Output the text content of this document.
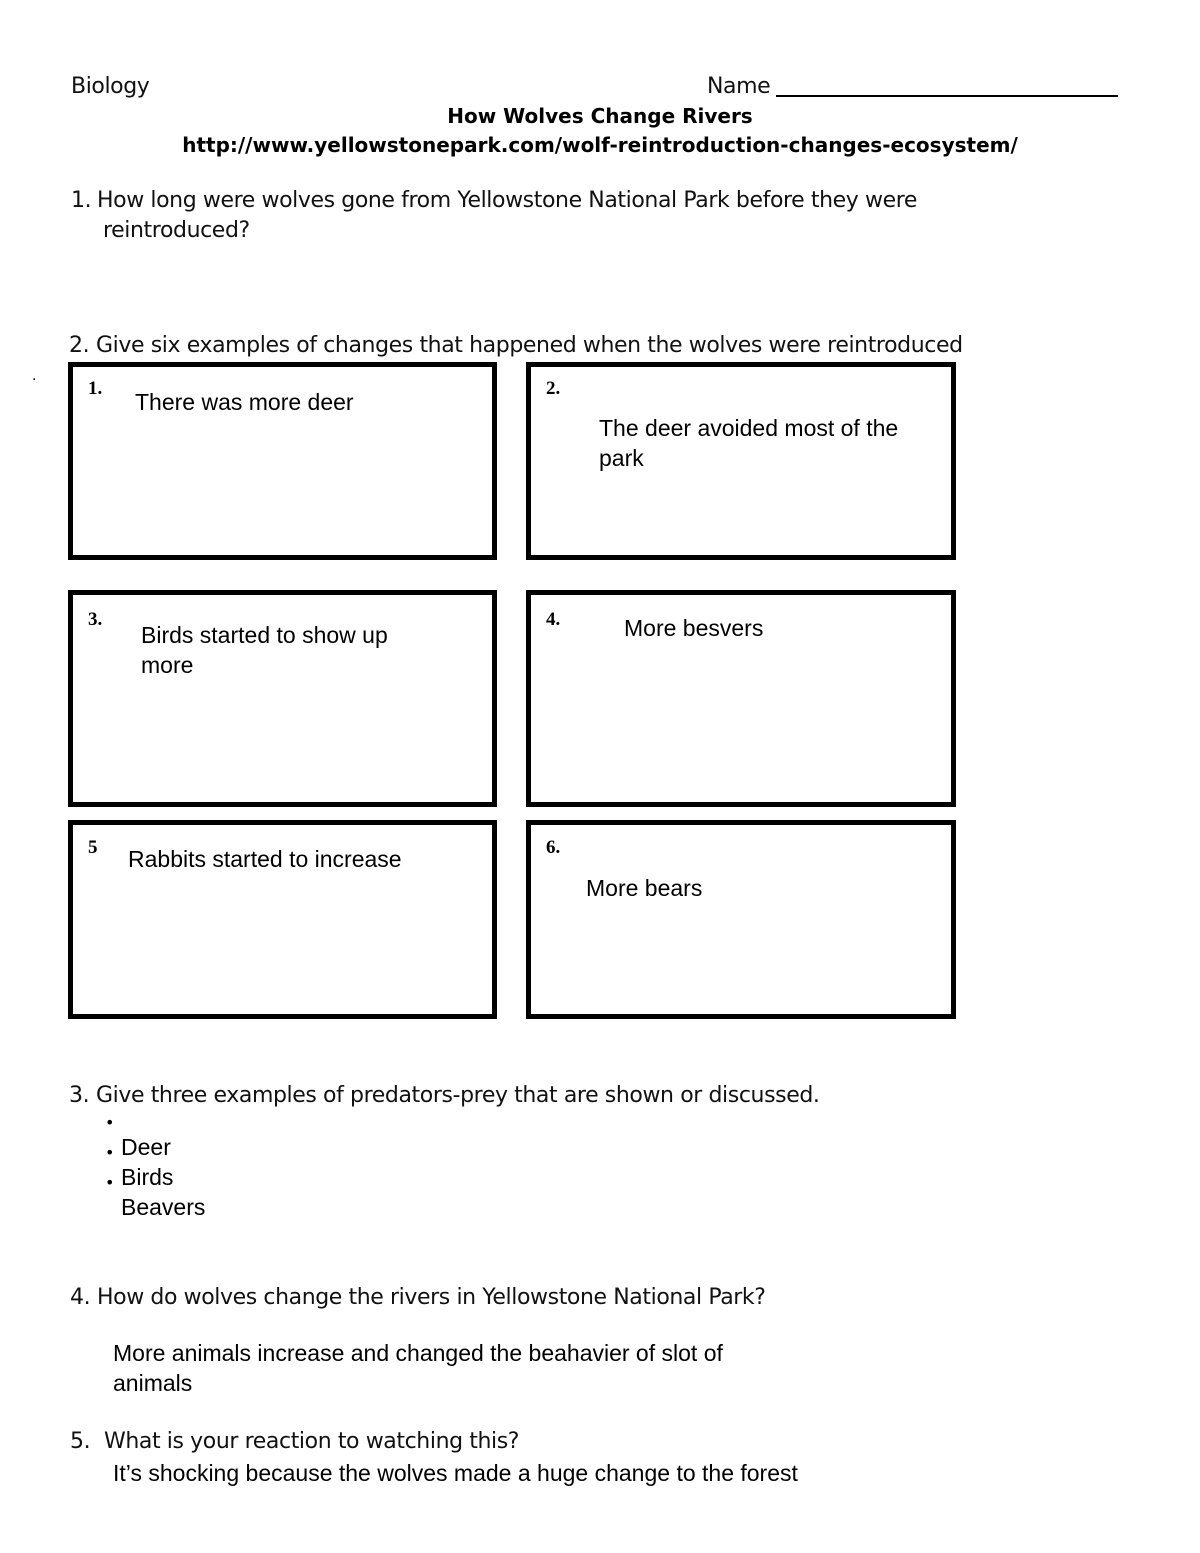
Biology	Name
How Wolves Change Rivers
http://www.yellowstonepark.com/wolf-reintroduction-changes-ecosystem/
1. How long were wolves gone from Yellowstone National Park before they were
reintroduced?
2. Give six examples of changes that happened when the wolves were reintroduced
.
1.
There was more deer
2.
The deer avoided most of the park
3.
Birds started to show up more
4.	More besvers
5 Rabbits started to increase	6.
More bears
3. Give three examples of predators-prey that are shown or discussed.
•
•
•
Deer
Birds
Beavers
4. How do wolves change the rivers in Yellowstone National Park?
More animals increase and changed the beahavier of slot of
animals
5. What is your reaction to watching this?
It’s shocking because the wolves made a huge change to the forest
